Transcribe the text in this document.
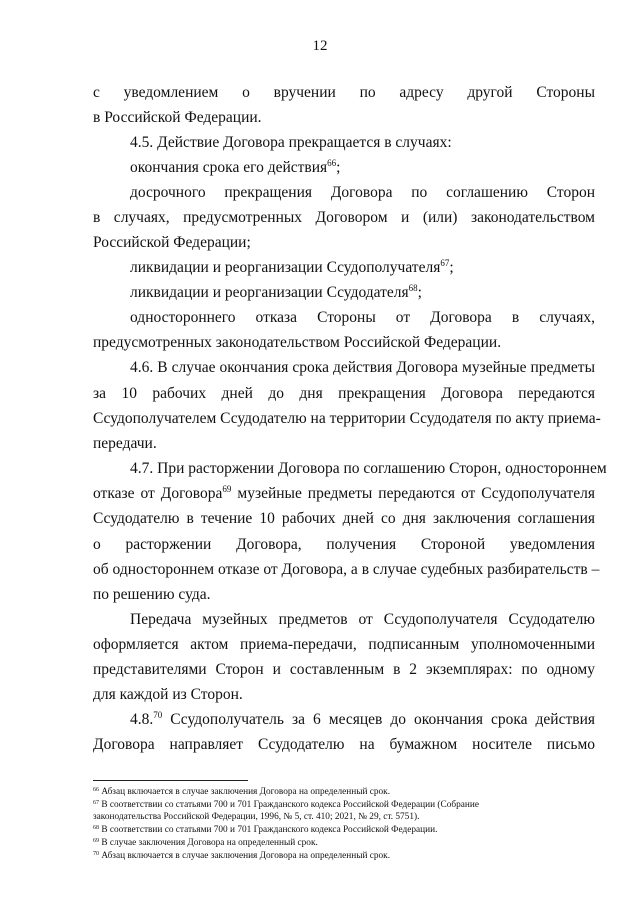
12
с уведомлением о вручении по адресу другой Стороны
в Российской Федерации.
4.5. Действие Договора прекращается в случаях:
окончания срока его действия$^{66}$;
досрочного прекращения Договора по соглашению Сторон
в случаях, предусмотренных Договором и (или) законодательством
Российской Федерации;
ликвидации и реорганизации Ссудополучателя$^{67}$;
ликвидации и реорганизации Ссудодателя$^{68}$;
одностороннего отказа Стороны от Договора в случаях,
предусмотренных законодательством Российской Федерации.
4.6. В случае окончания срока действия Договора музейные предметы
за 10 рабочих дней до дня прекращения Договора передаются
Ссудополучателем Ссудодателю на территории Ссудодателя по акту приема-
передачи.
4.7. При расторжении Договора по соглашению Сторон, одностороннем
отказе от Договора$^{69}$ музейные предметы передаются от Ссудополучателя
Ссудодателю в течение 10 рабочих дней со дня заключения соглашения
о расторжении Договора, получения Стороной уведомления
об одностороннем отказе от Договора, а в случае судебных разбирательств –
по решению суда.
Передача музейных предметов от Ссудополучателя Ссудодателю
оформляется актом приема-передачи, подписанным уполномоченными
представителями Сторон и составленным в 2 экземплярах: по одному
для каждой из Сторон.
4.8.70 Ссудополучатель за 6 месяцев до окончания срока действия
Договора направляет Ссудодателю на бумажном носителе письмо
$^{66}$ Абзац включается в случае заключения Договора на определенный срок.
$^{67}$ В соответствии со статьями 700 и 701 Гражданского кодекса Российской Федерации (Собрание
законодательства Российской Федерации, 1996, № 5, ст. 410; 2021, № 29, ст. 5751).
$^{68}$ В соответствии со статьями 700 и 701 Гражданского кодекса Российской Федерации.
$^{69}$ В случае заключения Договора на определенный срок.
$^{70}$ Абзац включается в случае заключения Договора на определенный срок.
